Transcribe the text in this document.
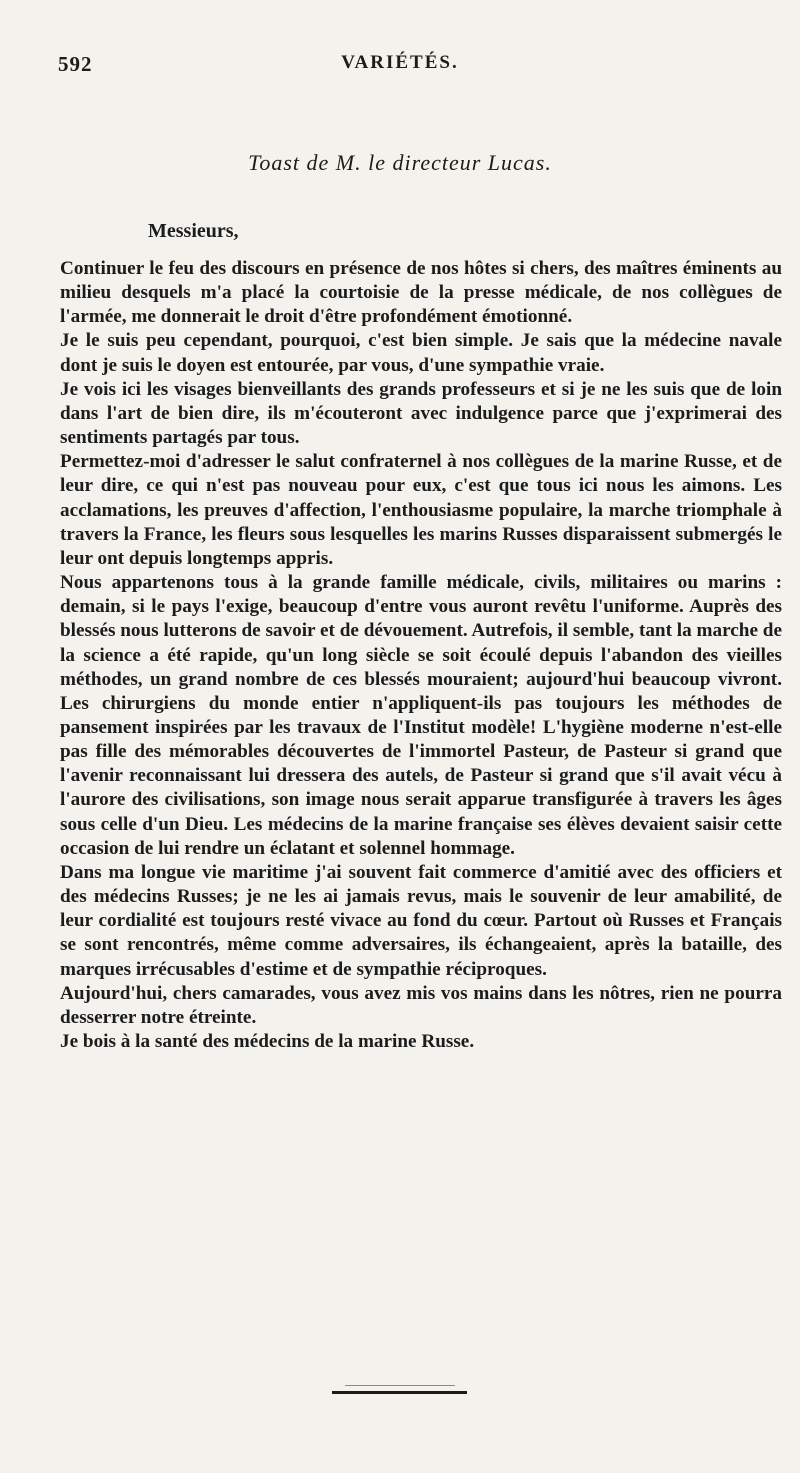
592	VARIÉTÉS.
Toast de M. le directeur Lucas.
Messieurs,

Continuer le feu des discours en présence de nos hôtes si chers, des maîtres éminents au milieu desquels m'a placé la courtoisie de la presse médicale, de nos collègues de l'armée, me donnerait le droit d'être profondément émotionné.

Je le suis peu cependant, pourquoi, c'est bien simple. Je sais que la médecine navale dont je suis le doyen est entourée, par vous, d'une sympathie vraie.

Je vois ici les visages bienveillants des grands professeurs et si je ne les suis que de loin dans l'art de bien dire, ils m'écouteront avec indulgence parce que j'exprimerai des sentiments partagés par tous.

Permettez-moi d'adresser le salut confraternel à nos collègues de la marine Russe, et de leur dire, ce qui n'est pas nouveau pour eux, c'est que tous ici nous les aimons. Les acclamations, les preuves d'affection, l'enthousiasme populaire, la marche triomphale à travers la France, les fleurs sous lesquelles les marins Russes disparaissent submergés le leur ont depuis longtemps appris.

Nous appartenons tous à la grande famille médicale, civils, militaires ou marins : demain, si le pays l'exige, beaucoup d'entre vous auront revêtu l'uniforme. Auprès des blessés nous lutterons de savoir et de dévouement. Autrefois, il semble, tant la marche de la science a été rapide, qu'un long siècle se soit écoulé depuis l'abandon des vieilles méthodes, un grand nombre de ces blessés mouraient; aujourd'hui beaucoup vivront. Les chirurgiens du monde entier n'appliquent-ils pas toujours les méthodes de pansement inspirées par les travaux de l'Institut modèle! L'hygiène moderne n'est-elle pas fille des mémorables découvertes de l'immortel Pasteur, de Pasteur si grand que l'avenir reconnaissant lui dressera des autels, de Pasteur si grand que s'il avait vécu à l'aurore des civilisations, son image nous serait apparue transfigurée à travers les âges sous celle d'un Dieu. Les médecins de la marine française ses élèves devaient saisir cette occasion de lui rendre un éclatant et solennel hommage.

Dans ma longue vie maritime j'ai souvent fait commerce d'amitié avec des officiers et des médecins Russes; je ne les ai jamais revus, mais le souvenir de leur amabilité, de leur cordialité est toujours resté vivace au fond du cœur. Partout où Russes et Français se sont rencontrés, même comme adversaires, ils échangeaient, après la bataille, des marques irrécusables d'estime et de sympathie réciproques.

Aujourd'hui, chers camarades, vous avez mis vos mains dans les nôtres, rien ne pourra desserrer notre étreinte.

Je bois à la santé des médecins de la marine Russe.
